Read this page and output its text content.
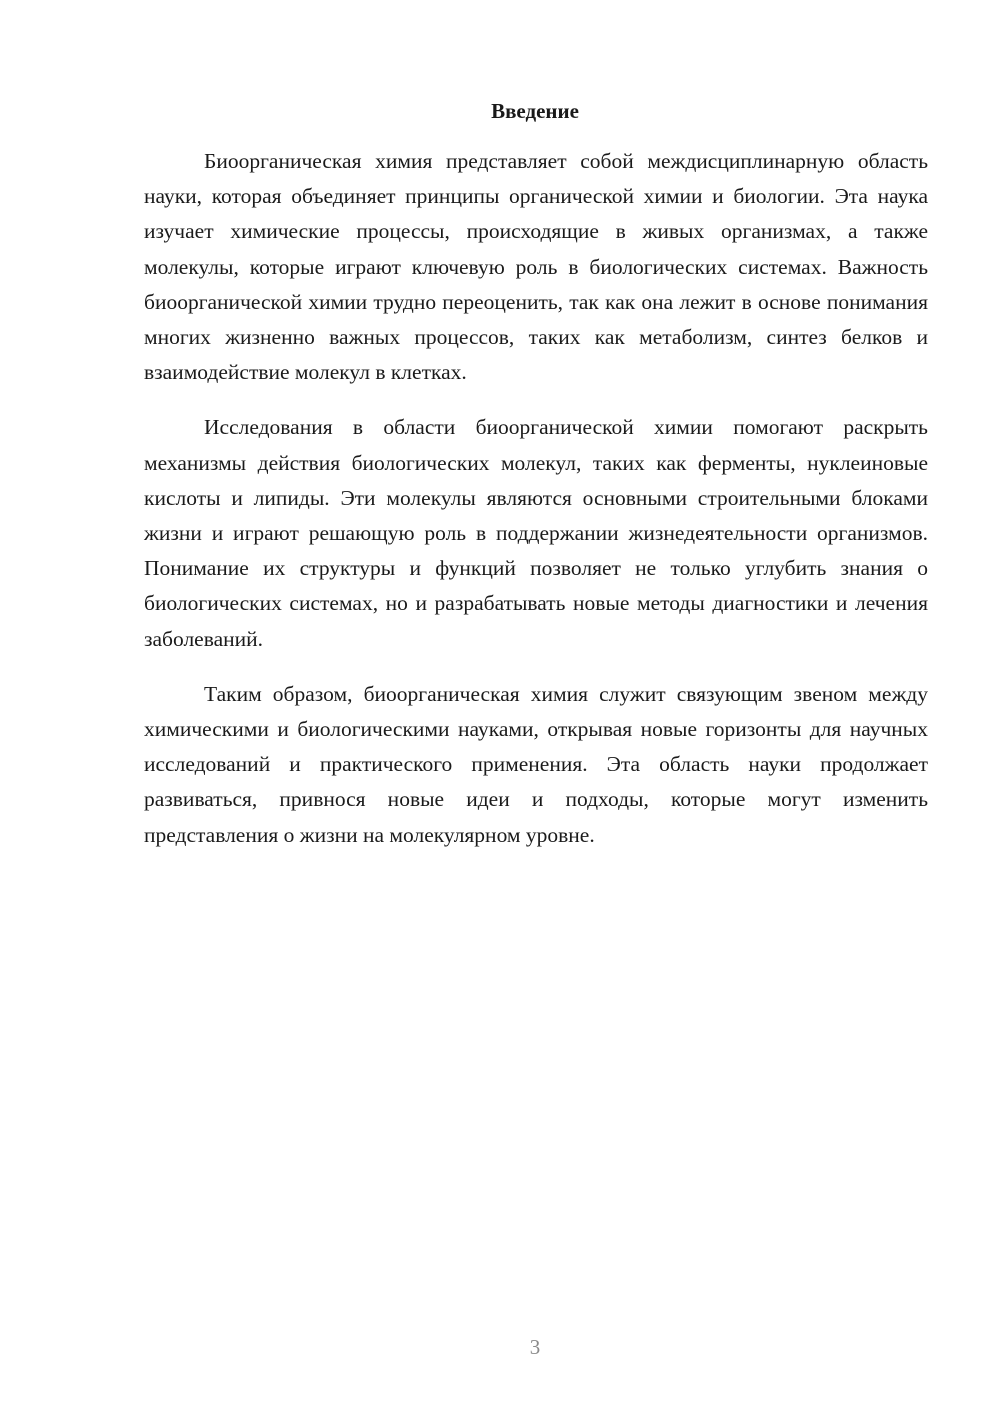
Введение

Биоорганическая химия представляет собой междисциплинарную область науки, которая объединяет принципы органической химии и биологии. Эта наука изучает химические процессы, происходящие в живых организмах, а также молекулы, которые играют ключевую роль в биологических системах. Важность биоорганической химии трудно переоценить, так как она лежит в основе понимания многих жизненно важных процессов, таких как метаболизм, синтез белков и взаимодействие молекул в клетках.

Исследования в области биоорганической химии помогают раскрыть механизмы действия биологических молекул, таких как ферменты, нуклеиновые кислоты и липиды. Эти молекулы являются основными строительными блоками жизни и играют решающую роль в поддержании жизнедеятельности организмов. Понимание их структуры и функций позволяет не только углубить знания о биологических системах, но и разрабатывать новые методы диагностики и лечения заболеваний.

Таким образом, биоорганическая химия служит связующим звеном между химическими и биологическими науками, открывая новые горизонты для научных исследований и практического применения. Эта область науки продолжает развиваться, привнося новые идеи и подходы, которые могут изменить представления о жизни на молекулярном уровне.

3
